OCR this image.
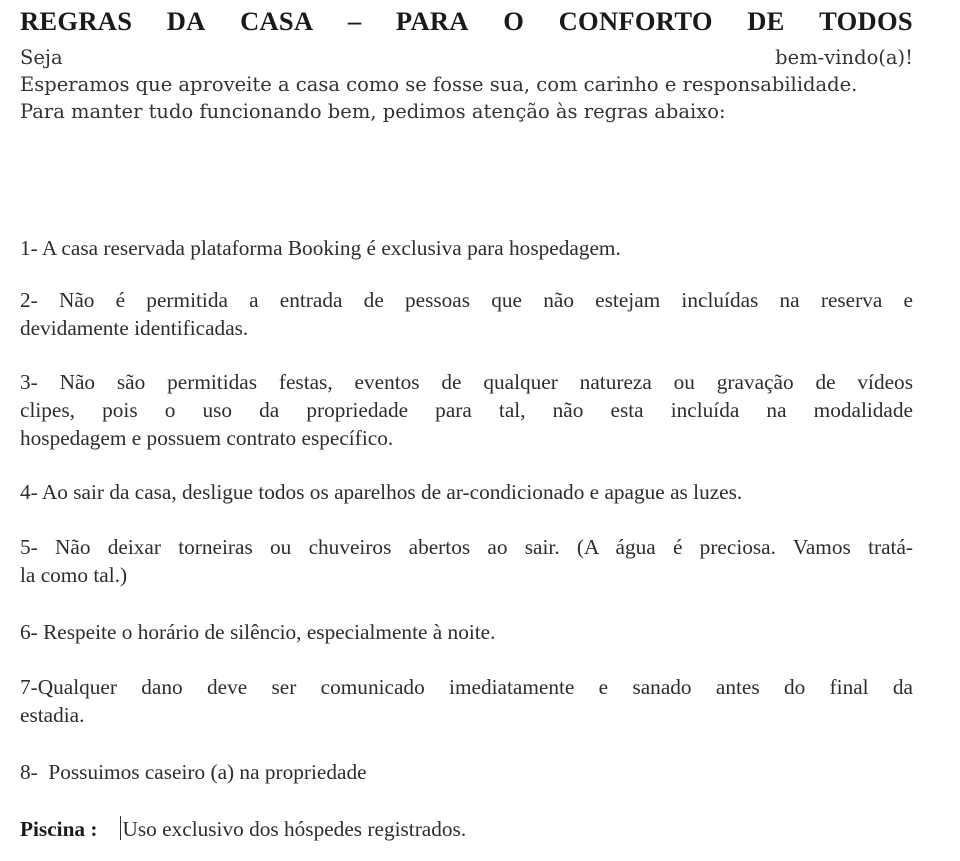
REGRAS DA CASA – PARA O CONFORTO DE TODOS
Seja	bem-vindo(a)!
Esperamos que aproveite a casa como se fosse sua, com carinho e responsabilidade.
Para manter tudo funcionando bem, pedimos atenção às regras abaixo:
1- A casa reservada plataforma Booking é exclusiva para hospedagem.
2- Não é permitida a entrada de pessoas que não estejam incluídas na reserva e
devidamente identificadas.
3- Não são permitidas festas, eventos de qualquer natureza ou gravação de vídeos
clipes, pois o uso da propriedade para tal, não esta incluída na modalidade
hospedagem e possuem contrato específico.
4- Ao sair da casa, desligue todos os aparelhos de ar-condicionado e apague as luzes.
5- Não deixar torneiras ou chuveiros abertos ao sair. (A água é preciosa. Vamos tratá-
la como tal.)
6- Respeite o horário de silêncio, especialmente à noite.
7-Qualquer dano deve ser comunicado imediatamente e sanado antes do final da
estadia.
8-  Possuimos caseiro (a) na propriedade
Piscina : Uso exclusivo dos hóspedes registrados.
